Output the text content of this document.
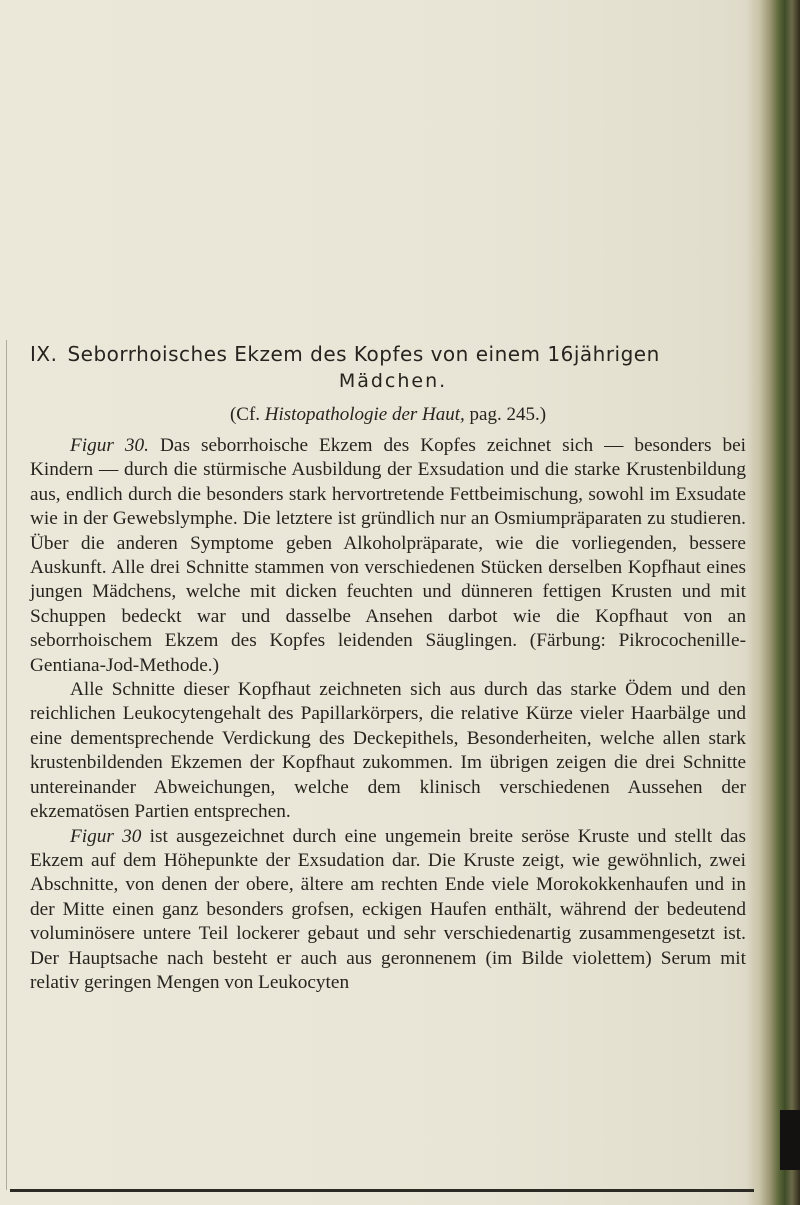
IX. Seborrhoisches Ekzem des Kopfes von einem 16jährigen
Mädchen.
(Cf. Histopathologie der Haut, pag. 245.)

Figur 30. Das seborrhoische Ekzem des Kopfes zeichnet sich — besonders bei Kindern — durch die stürmische Ausbildung der Exsudation und die starke Krustenbildung aus, endlich durch die besonders stark hervortretende Fettbeimischung, sowohl im Exsudate wie in der Gewebslymphe. Die letztere ist gründlich nur an Osmiumpräparaten zu studieren. Über die anderen Symptome geben Alkoholpräparate, wie die vorliegenden, bessere Auskunft. Alle drei Schnitte stammen von verschiedenen Stücken derselben Kopfhaut eines jungen Mädchens, welche mit dicken feuchten und dünneren fettigen Krusten und mit Schuppen bedeckt war und dasselbe Ansehen darbot wie die Kopfhaut von an seborrhoischem Ekzem des Kopfes leidenden Säuglingen. (Färbung: Pikrocochenille-Gentiana-Jod-Methode.)

Alle Schnitte dieser Kopfhaut zeichneten sich aus durch das starke Ödem und den reichlichen Leukocytengehalt des Papillarkörpers, die relative Kürze vieler Haarbälge und eine dementsprechende Verdickung des Deckepithels, Besonderheiten, welche allen stark krustenbildenden Ekzemen der Kopfhaut zukommen. Im übrigen zeigen die drei Schnitte untereinander Abweichungen, welche dem klinisch verschiedenen Aussehen der ekzematösen Partien entsprechen.

Figur 30 ist ausgezeichnet durch eine ungemein breite seröse Kruste und stellt das Ekzem auf dem Höhepunkte der Exsudation dar. Die Kruste zeigt, wie gewöhnlich, zwei Abschnitte, von denen der obere, ältere am rechten Ende viele Morokokkenhaufen und in der Mitte einen ganz besonders grofsen, eckigen Haufen enthält, während der bedeutend voluminösere untere Teil lockerer gebaut und sehr verschiedenartig zusammengesetzt ist. Der Hauptsache nach besteht er auch aus geronnenem (im Bilde violettem) Serum mit relativ geringen Mengen von Leukocyten
